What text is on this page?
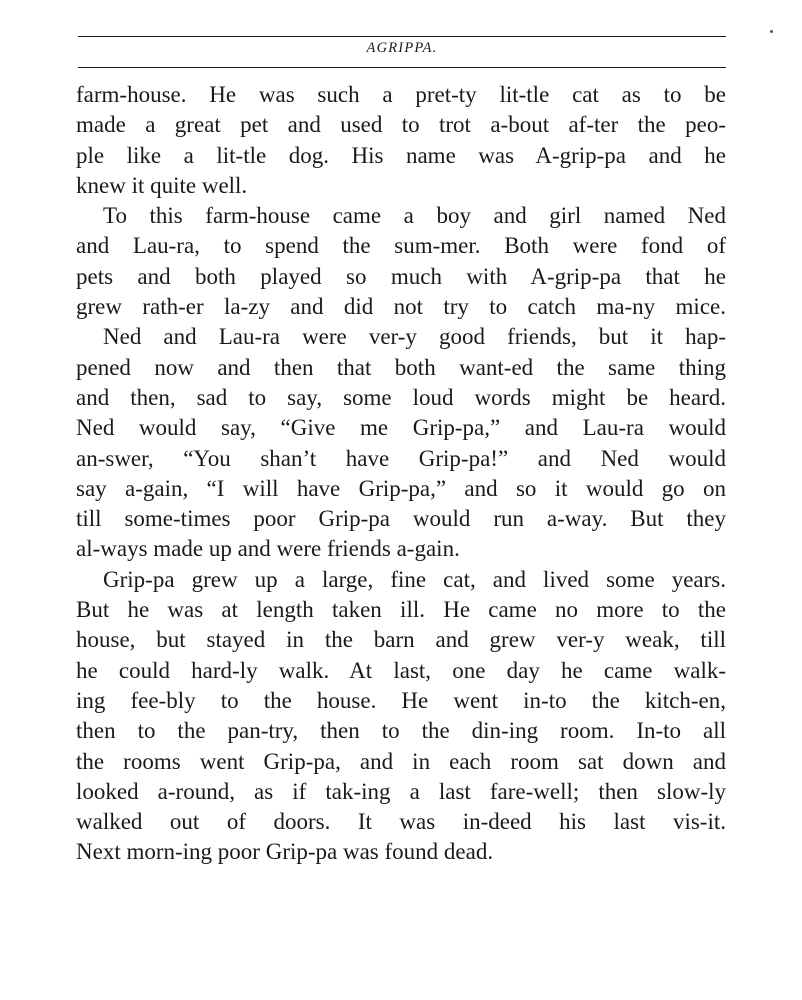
AGRIPPA.
farm-house. He was such a pret-ty lit-tle cat as to be
made a great pet and used to trot a-bout af-ter the peo-
ple like a lit-tle dog. His name was A-grip-pa and he
knew it quite well.
To this farm-house came a boy and girl named Ned
and Lau-ra, to spend the sum-mer. Both were fond of
pets and both played so much with A-grip-pa that he
grew rath-er la-zy and did not try to catch ma-ny mice.
Ned and Lau-ra were ver-y good friends, but it hap-
pened now and then that both want-ed the same thing
and then, sad to say, some loud words might be heard.
Ned would say, “Give me Grip-pa,” and Lau-ra would
an-swer, “You shan’t have Grip-pa!” and Ned would
say a-gain, “I will have Grip-pa,” and so it would go on
till some-times poor Grip-pa would run a-way. But they
al-ways made up and were friends a-gain.
Grip-pa grew up a large, fine cat, and lived some years.
But he was at length taken ill. He came no more to the
house, but stayed in the barn and grew ver-y weak, till
he could hard-ly walk. At last, one day he came walk-
ing fee-bly to the house. He went in-to the kitch-en,
then to the pan-try, then to the din-ing room. In-to all
the rooms went Grip-pa, and in each room sat down and
looked a-round, as if tak-ing a last fare-well; then slow-ly
walked out of doors. It was in-deed his last vis-it.
Next morn-ing poor Grip-pa was found dead.
